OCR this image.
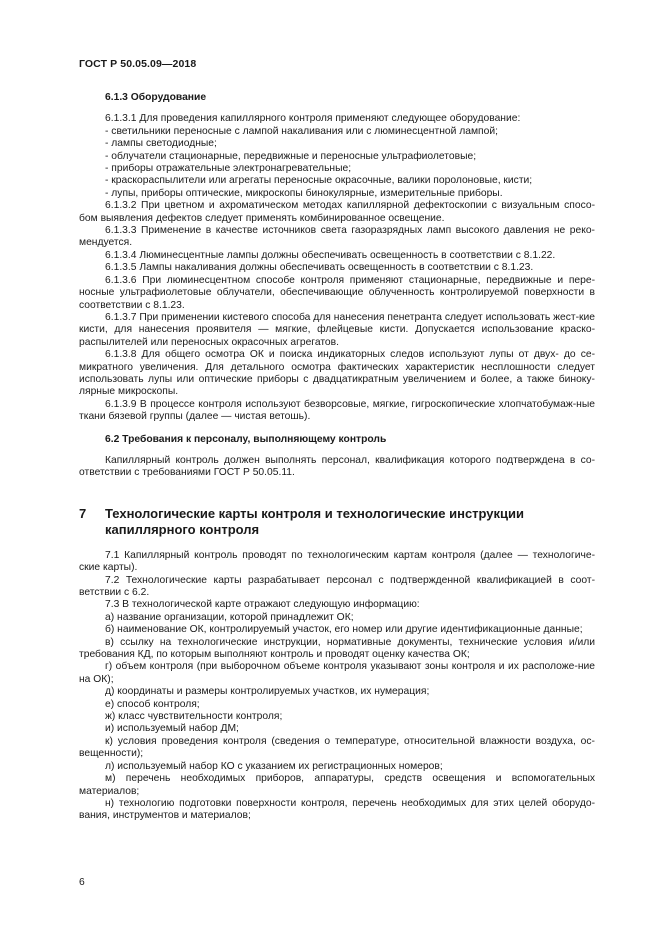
ГОСТ Р 50.05.09—2018
6.1.3 Оборудование

6.1.3.1 Для проведения капиллярного контроля применяют следующее оборудование:

- светильники переносные с лампой накаливания или с люминесцентной лампой;

- лампы светодиодные;

- облучатели стационарные, передвижные и переносные ультрафиолетовые;

- приборы отражательные электронагревательные;

- краскораспылители или агрегаты переносные окрасочные, валики поролоновые, кисти;

- лупы, приборы оптические, микроскопы бинокулярные, измерительные приборы.

6.1.3.2 При цветном и ахроматическом методах капиллярной дефектоскопии с визуальным спосо-бом выявления дефектов следует применять комбинированное освещение.

6.1.3.3 Применение в качестве источников света газоразрядных ламп высокого давления не реко-мендуется.

6.1.3.4 Люминесцентные лампы должны обеспечивать освещенность в соответствии с 8.1.22.

6.1.3.5 Лампы накаливания должны обеспечивать освещенность в соответствии с 8.1.23.

6.1.3.6 При люминесцентном способе контроля применяют стационарные, передвижные и пере-носные ультрафиолетовые облучатели, обеспечивающие облученность контролируемой поверхности в соответствии с 8.1.23.

6.1.3.7 При применении кистевого способа для нанесения пенетранта следует использовать жест-кие кисти, для нанесения проявителя — мягкие, флейцевые кисти. Допускается использование краско-распылителей или переносных окрасочных агрегатов.

6.1.3.8 Для общего осмотра ОК и поиска индикаторных следов используют лупы от двух- до се-микратного увеличения. Для детального осмотра фактических характеристик несплошности следует использовать лупы или оптические приборы с двадцатикратным увеличением и более, а также биноку-лярные микроскопы.

6.1.3.9 В процессе контроля используют безворсовые, мягкие, гигроскопические хлопчатобумаж-ные ткани бязевой группы (далее — чистая ветошь).

6.2 Требования к персоналу, выполняющему контроль

Капиллярный контроль должен выполнять персонал, квалификация которого подтверждена в со-ответствии с требованиями ГОСТ Р 50.05.11.

7	Технологические карты контроля и технологические инструкции капиллярного контроля

7.1 Капиллярный контроль проводят по технологическим картам контроля (далее — технологиче-ские карты).

7.2 Технологические карты разрабатывает персонал с подтвержденной квалификацией в соот-ветствии с 6.2.

7.3 В технологической карте отражают следующую информацию:

а) название организации, которой принадлежит ОК;

б) наименование ОК, контролируемый участок, его номер или другие идентификационные данные;

в) ссылку на технологические инструкции, нормативные документы, технические условия и/или требования КД, по которым выполняют контроль и проводят оценку качества ОК;

г) объем контроля (при выборочном объеме контроля указывают зоны контроля и их расположе-ние на ОК);

д) координаты и размеры контролируемых участков, их нумерация;

е) способ контроля;

ж) класс чувствительности контроля;

и) используемый набор ДМ;

к) условия проведения контроля (сведения о температуре, относительной влажности воздуха, ос-вещенности);

л) используемый набор КО с указанием их регистрационных номеров;

м) перечень необходимых приборов, аппаратуры, средств освещения и вспомогательных материалов;

н) технологию подготовки поверхности контроля, перечень необходимых для этих целей оборудо-вания, инструментов и материалов;

6
